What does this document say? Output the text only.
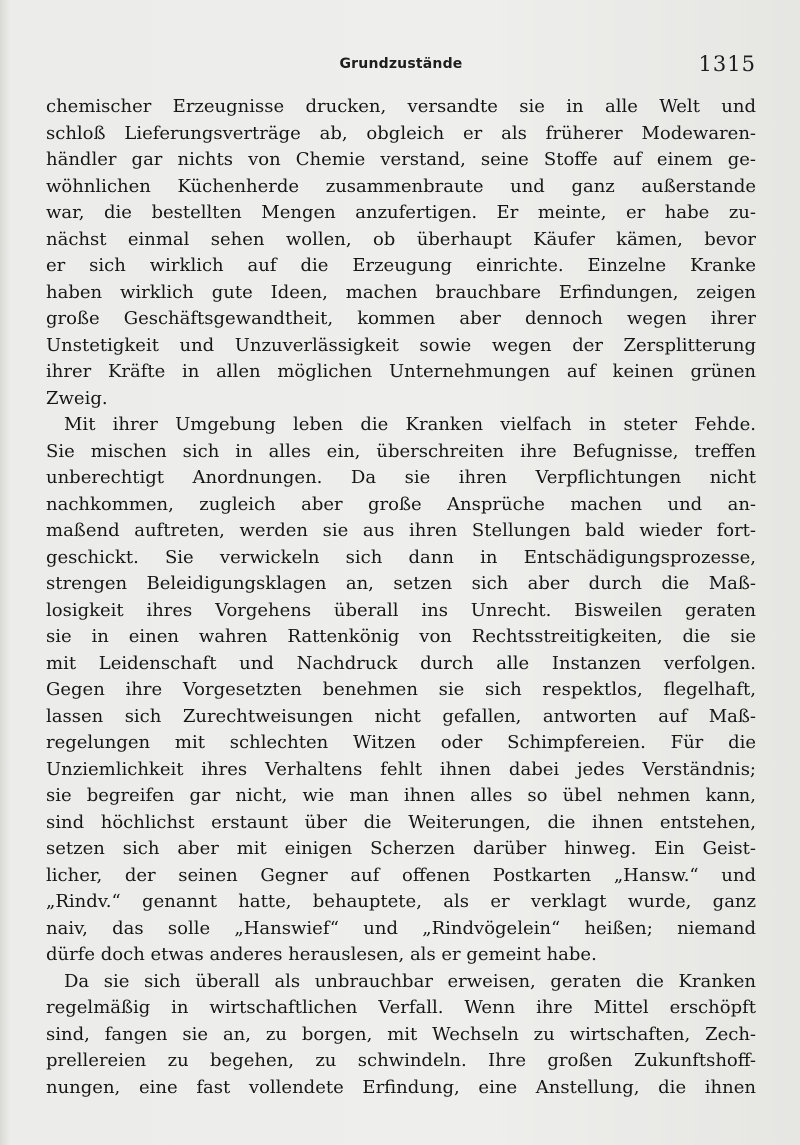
Grundzustände	1315
chemischer Erzeugnisse drucken, versandte sie in alle Welt und
schloß Lieferungsverträge ab, obgleich er als früherer Modewaren-
händler gar nichts von Chemie verstand, seine Stoffe auf einem ge-
wöhnlichen Küchenherde zusammenbraute und ganz außerstande
war, die bestellten Mengen anzufertigen. Er meinte, er habe zu-
nächst einmal sehen wollen, ob überhaupt Käufer kämen, bevor
er sich wirklich auf die Erzeugung einrichte. Einzelne Kranke
haben wirklich gute Ideen, machen brauchbare Erfindungen, zeigen
große Geschäftsgewandtheit, kommen aber dennoch wegen ihrer
Unstetigkeit und Unzuverlässigkeit sowie wegen der Zersplitterung
ihrer Kräfte in allen möglichen Unternehmungen auf keinen grünen
Zweig.
Mit ihrer Umgebung leben die Kranken vielfach in steter Fehde.
Sie mischen sich in alles ein, überschreiten ihre Befugnisse, treffen
unberechtigt Anordnungen. Da sie ihren Verpflichtungen nicht
nachkommen, zugleich aber große Ansprüche machen und an-
maßend auftreten, werden sie aus ihren Stellungen bald wieder fort-
geschickt. Sie verwickeln sich dann in Entschädigungsprozesse,
strengen Beleidigungsklagen an, setzen sich aber durch die Maß-
losigkeit ihres Vorgehens überall ins Unrecht. Bisweilen geraten
sie in einen wahren Rattenkönig von Rechtsstreitigkeiten, die sie
mit Leidenschaft und Nachdruck durch alle Instanzen verfolgen.
Gegen ihre Vorgesetzten benehmen sie sich respektlos, flegelhaft,
lassen sich Zurechtweisungen nicht gefallen, antworten auf Maß-
regelungen mit schlechten Witzen oder Schimpfereien. Für die
Unziemlichkeit ihres Verhaltens fehlt ihnen dabei jedes Verständnis;
sie begreifen gar nicht, wie man ihnen alles so übel nehmen kann,
sind höchlichst erstaunt über die Weiterungen, die ihnen entstehen,
setzen sich aber mit einigen Scherzen darüber hinweg. Ein Geist-
licher, der seinen Gegner auf offenen Postkarten „Hansw.“ und
„Rindv.“ genannt hatte, behauptete, als er verklagt wurde, ganz
naiv, das solle „Hanswief“ und „Rindvögelein“ heißen; niemand
dürfe doch etwas anderes herauslesen, als er gemeint habe.
Da sie sich überall als unbrauchbar erweisen, geraten die Kranken
regelmäßig in wirtschaftlichen Verfall. Wenn ihre Mittel erschöpft
sind, fangen sie an, zu borgen, mit Wechseln zu wirtschaften, Zech-
prellereien zu begehen, zu schwindeln. Ihre großen Zukunftshoff-
nungen, eine fast vollendete Erfindung, eine Anstellung, die ihnen
